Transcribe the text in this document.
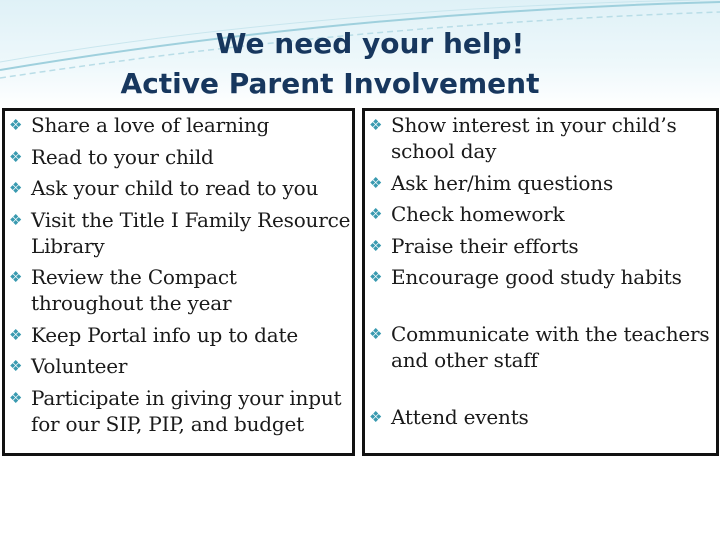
We need your help!
Active Parent Involvement
❖ Share a love of learning
❖ Read to your child
❖ Ask your child to read to you
❖ Visit the Title I Family Resource Library
❖ Review the Compact throughout the year
❖ Keep Portal info up to date
❖ Volunteer
❖ Participate in giving your input for our SIP, PIP, and budget
❖ Show interest in your child’s school day
❖ Ask her/him questions
❖ Check homework
❖ Praise their efforts
❖ Encourage good study habits
❖ Communicate with the teachers and other staff
❖ Attend events
